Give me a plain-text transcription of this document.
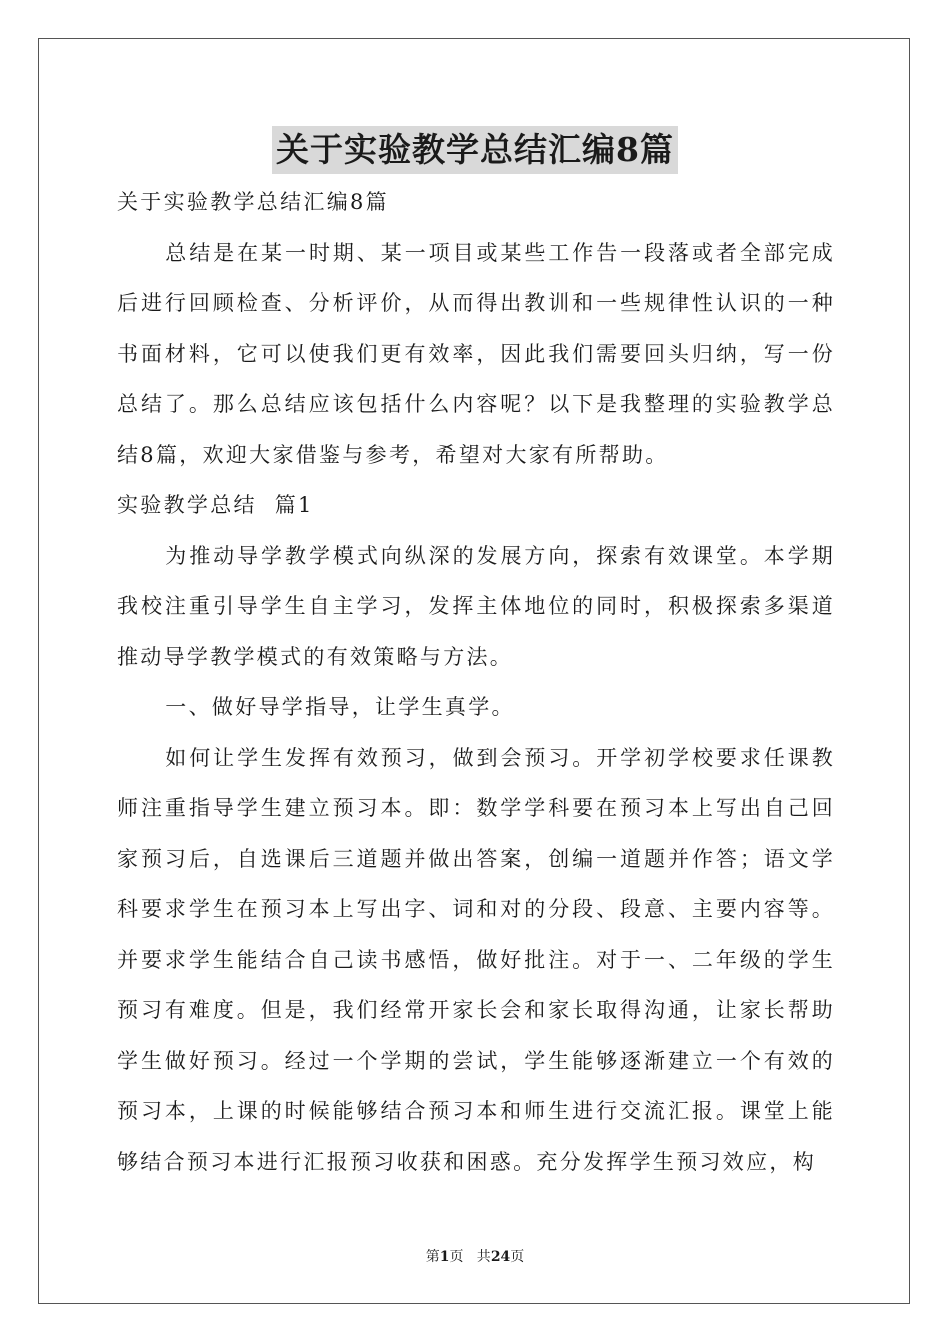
关于实验教学总结汇编8篇

关于实验教学总结汇编8篇

总结是在某一时期、某一项目或某些工作告一段落或者全部完成后进行回顾检查、分析评价，从而得出教训和一些规律性认识的一种书面材料，它可以使我们更有效率，因此我们需要回头归纳，写一份总结了。那么总结应该包括什么内容呢？以下是我整理的实验教学总结8篇，欢迎大家借鉴与参考，希望对大家有所帮助。

实验教学总结  篇1

为推动导学教学模式向纵深的发展方向，探索有效课堂。本学期我校注重引导学生自主学习，发挥主体地位的同时，积极探索多渠道推动导学教学模式的有效策略与方法。

一、做好导学指导，让学生真学。

如何让学生发挥有效预习，做到会预习。开学初学校要求任课教师注重指导学生建立预习本。即：数学学科要在预习本上写出自己回家预习后，自选课后三道题并做出答案，创编一道题并作答；语文学科要求学生在预习本上写出字、词和对的分段、段意、主要内容等。并要求学生能结合自己读书感悟，做好批注。对于一、二年级的学生预习有难度。但是，我们经常开家长会和家长取得沟通，让家长帮助学生做好预习。经过一个学期的尝试，学生能够逐渐建立一个有效的预习本，上课的时候能够结合预习本和师生进行交流汇报。课堂上能够结合预习本进行汇报预习收获和困惑。充分发挥学生预习效应，构

第1页   共24页
